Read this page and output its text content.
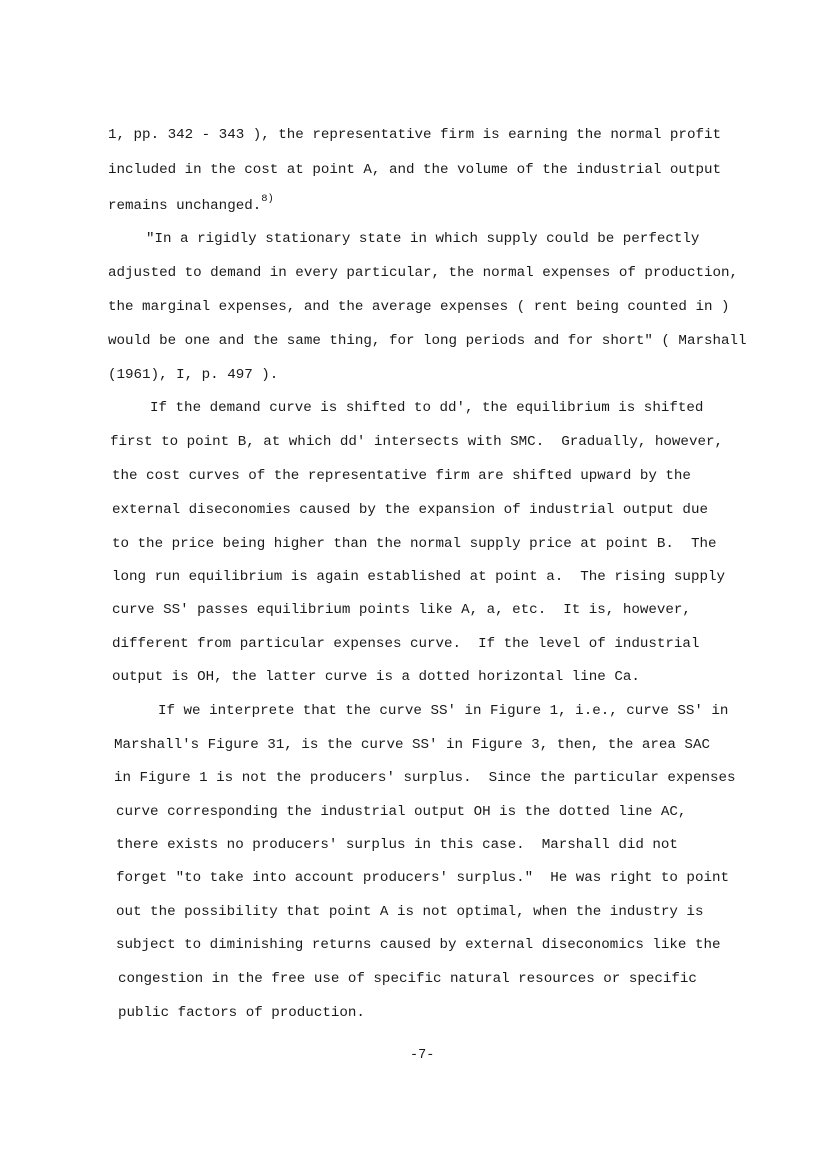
1, pp. 342 - 343 ), the representative firm is earning the normal profit
included in the cost at point A, and the volume of the industrial output
remains unchanged.$^{8)}$
"In a rigidly stationary state in which supply could be perfectly
adjusted to demand in every particular, the normal expenses of production,
the marginal expenses, and the average expenses ( rent being counted in )
would be one and the same thing, for long periods and for short" ( Marshall
(1961), I, p. 497 ).
If the demand curve is shifted to dd', the equilibrium is shifted
first to point B, at which dd' intersects with SMC.  Gradually, however,
the cost curves of the representative firm are shifted upward by the
external diseconomies caused by the expansion of industrial output due
to the price being higher than the normal supply price at point B.  The
long run equilibrium is again established at point a.  The rising supply
curve SS' passes equilibrium points like A, a, etc.  It is, however,
different from particular expenses curve.  If the level of industrial
output is OH, the latter curve is a dotted horizontal line Ca.
If we interprete that the curve SS' in Figure 1, i.e., curve SS' in
Marshall's Figure 31, is the curve SS' in Figure 3, then, the area SAC
in Figure 1 is not the producers' surplus.  Since the particular expenses
curve corresponding the industrial output OH is the dotted line AC,
there exists no producers' surplus in this case.  Marshall did not
forget "to take into account producers' surplus."  He was right to point
out the possibility that point A is not optimal, when the industry is
subject to diminishing returns caused by external diseconomics like the
congestion in the free use of specific natural resources or specific
public factors of production.
-7-
